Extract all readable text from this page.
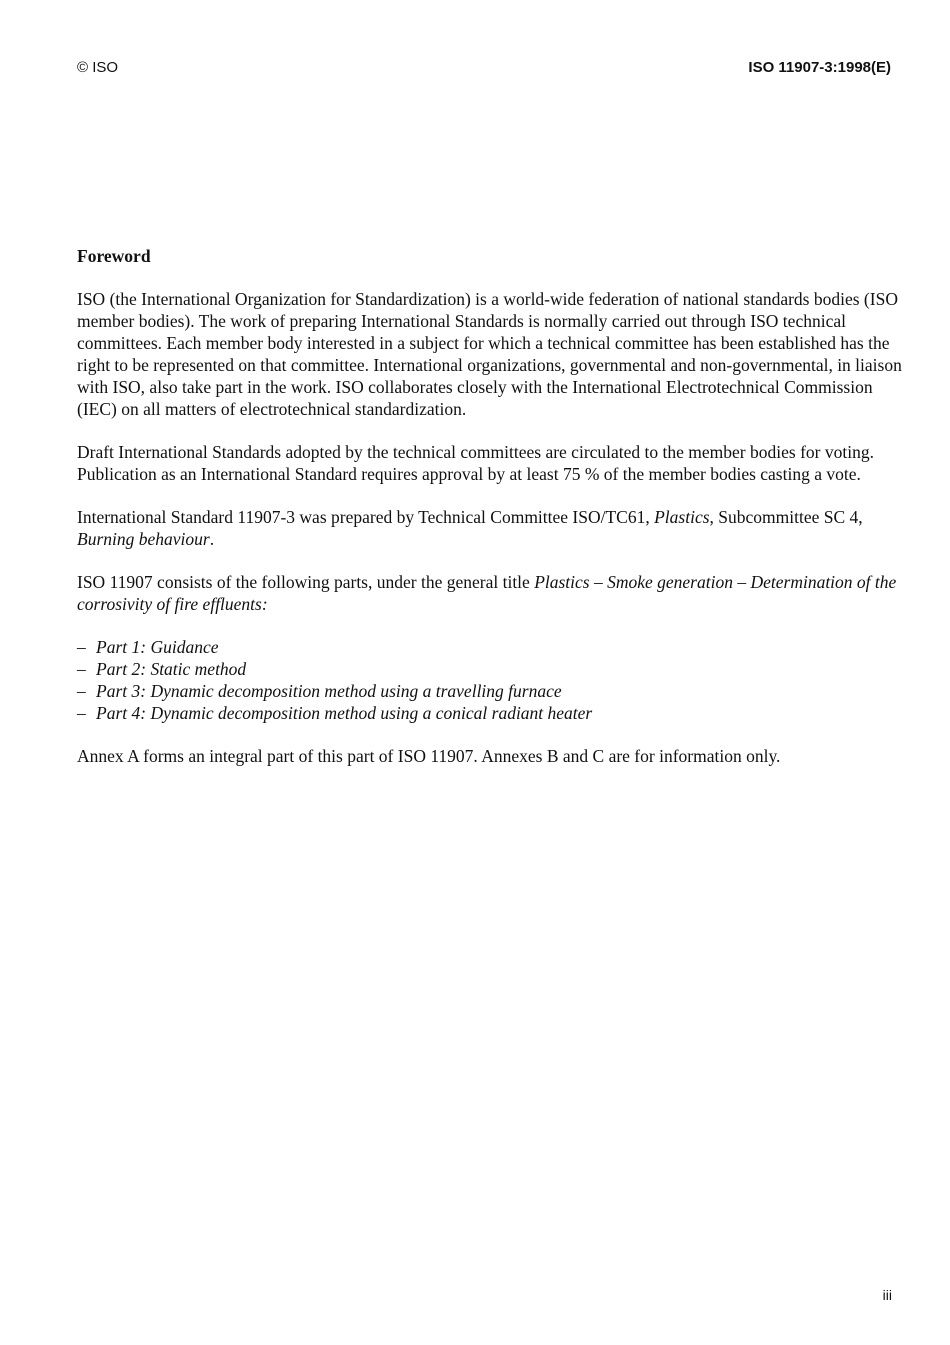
© ISO	ISO 11907-3:1998(E)
Foreword

ISO (the International Organization for Standardization) is a world-wide federation of national standards bodies (ISO member bodies). The work of preparing International Standards is normally carried out through ISO technical committees. Each member body interested in a subject for which a technical committee has been established has the right to be represented on that committee. International organizations, governmental and non-governmental, in liaison with ISO, also take part in the work. ISO collaborates closely with the International Electrotechnical Commission (IEC) on all matters of electrotechnical standardization.

Draft International Standards adopted by the technical committees are circulated to the member bodies for voting. Publication as an International Standard requires approval by at least 75 % of the member bodies casting a vote.

International Standard 11907-3 was prepared by Technical Committee ISO/TC61, Plastics, Subcommittee SC 4, Burning behaviour.

ISO 11907 consists of the following parts, under the general title Plastics – Smoke generation – Determination of the corrosivity of fire effluents:

– Part 1: Guidance
– Part 2: Static method
– Part 3: Dynamic decomposition method using a travelling furnace
– Part 4: Dynamic decomposition method using a conical radiant heater

Annex A forms an integral part of this part of ISO 11907. Annexes B and C are for information only.

iii
